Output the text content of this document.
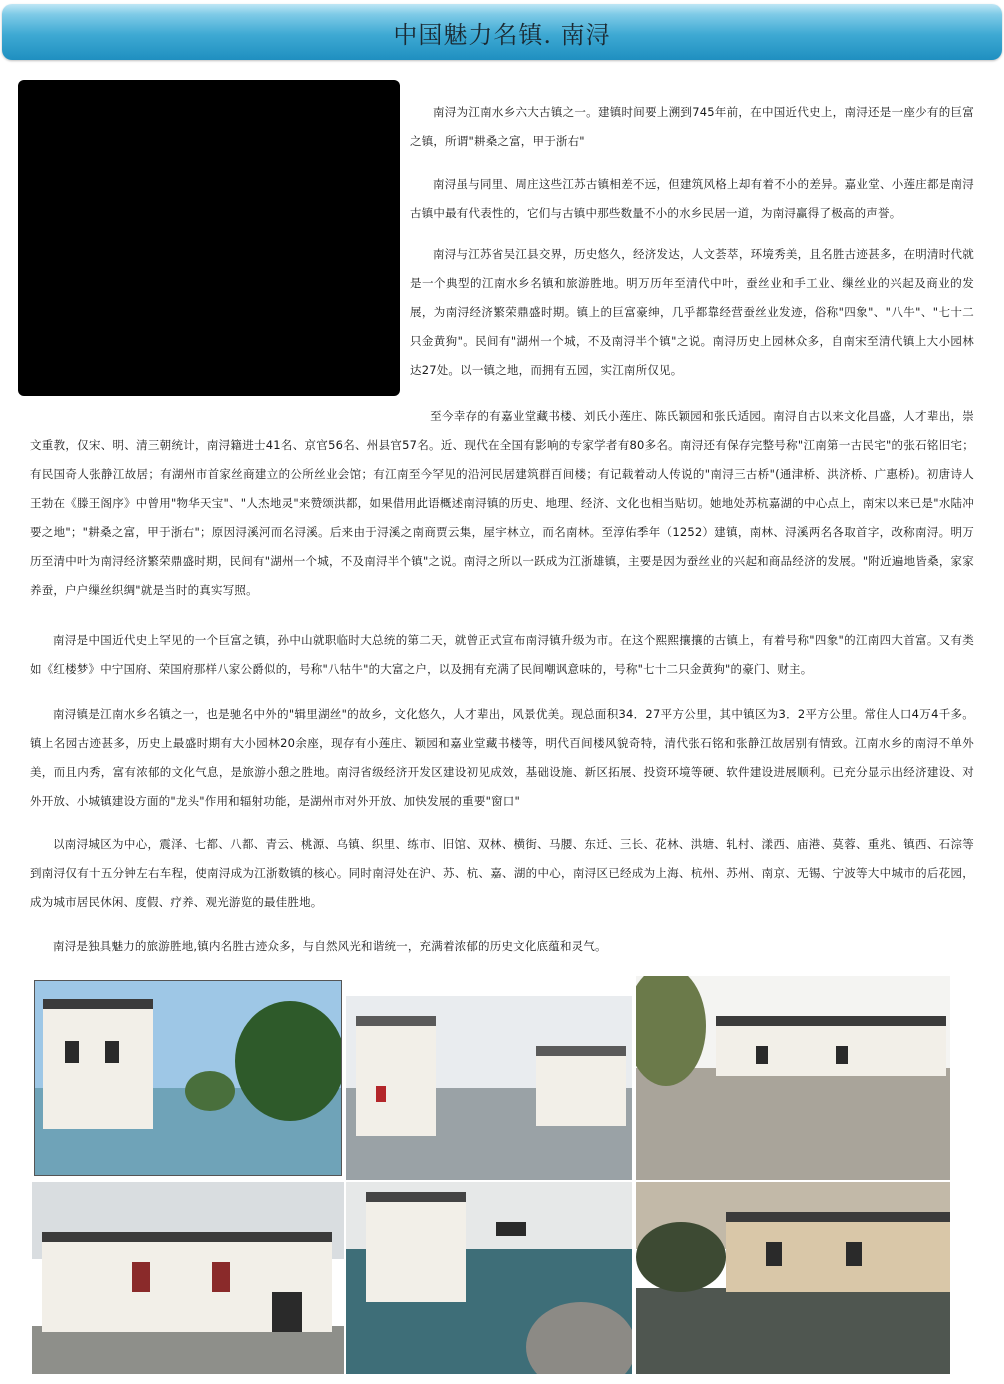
中国魅力名镇. 南浔

南浔为江南水乡六大古镇之一。建镇时间要上溯到745年前，在中国近代史上，南浔还是一座少有的巨富之镇，所谓"耕桑之富，甲于浙右"

南浔虽与同里、周庄这些江苏古镇相差不远，但建筑风格上却有着不小的差异。嘉业堂、小莲庄都是南浔古镇中最有代表性的，它们与古镇中那些数量不小的水乡民居一道，为南浔赢得了极高的声誉。

南浔与江苏省吴江县交界，历史悠久，经济发达，人文荟萃，环境秀美，且名胜古迹甚多，在明清时代就是一个典型的江南水乡名镇和旅游胜地。明万历年至清代中叶，蚕丝业和手工业、缫丝业的兴起及商业的发展，为南浔经济繁荣鼎盛时期。镇上的巨富豪绅，几乎都靠经营蚕丝业发迹，俗称"四象"、"八牛"、"七十二只金黄狗"。民间有"湖州一个城，不及南浔半个镇"之说。南浔历史上园林众多，自南宋至清代镇上大小园林达27处。以一镇之地，而拥有五园，实江南所仅见。

至今幸存的有嘉业堂藏书楼、刘氏小莲庄、陈氏颖园和张氏适园。南浔自古以来文化昌盛，人才辈出，崇文重教，仅宋、明、清三朝统计，南浔籍进士41名、京官56名、州县官57名。近、现代在全国有影响的专家学者有80多名。南浔还有保存完整号称"江南第一古民宅"的张石铭旧宅；有民国奇人张静江故居；有湖州市首家丝商建立的公所丝业会馆；有江南至今罕见的沿河民居建筑群百间楼；有记载着动人传说的"南浔三古桥"(通津桥、洪济桥、广惠桥)。初唐诗人王勃在《滕王阁序》中曾用"物华天宝"、"人杰地灵"来赞颂洪都，如果借用此语概述南浔镇的历史、地理、经济、文化也相当贴切。她地处苏杭嘉湖的中心点上，南宋以来已是"水陆冲要之地"；"耕桑之富，甲于浙右"；原因浔溪河而名浔溪。后来由于浔溪之南商贾云集，屋宇林立，而名南林。至淳佑季年（1252）建镇，南林、浔溪两名各取首字，改称南浔。明万历至清中叶为南浔经济繁荣鼎盛时期，民间有"湖州一个城，不及南浔半个镇"之说。南浔之所以一跃成为江浙雄镇，主要是因为蚕丝业的兴起和商品经济的发展。"附近遍地皆桑，家家养蚕，户户缫丝织绸"就是当时的真实写照。

南浔是中国近代史上罕见的一个巨富之镇，孙中山就职临时大总统的第二天，就曾正式宣布南浔镇升级为市。在这个熙熙攘攘的古镇上，有着号称"四象"的江南四大首富。又有类如《红楼梦》中宁国府、荣国府那样八家公爵似的，号称"八牯牛"的大富之户，以及拥有充满了民间嘲讽意味的，号称"七十二只金黄狗"的豪门、财主。

南浔镇是江南水乡名镇之一，也是驰名中外的"辑里湖丝"的故乡，文化悠久，人才辈出，风景优美。现总面积34．27平方公里，其中镇区为3．2平方公里。常住人口4万4千多。镇上名园古迹甚多，历史上最盛时期有大小园林20余座，现存有小莲庄、颖园和嘉业堂藏书楼等，明代百间楼风貌奇特，清代张石铭和张静江故居别有情致。江南水乡的南浔不单外美，而且内秀，富有浓郁的文化气息，是旅游小憩之胜地。南浔省级经济开发区建设初见成效，基础设施、新区拓展、投资环境等硬、软件建设进展顺利。已充分显示出经济建设、对外开放、小城镇建设方面的"龙头"作用和辐射功能，是湖州市对外开放、加快发展的重要"窗口"

以南浔城区为中心，震泽、七都、八都、青云、桃源、乌镇、织里、练市、旧馆、双林、横街、马腰、东迁、三长、花林、洪塘、轧村、漾西、庙港、莫蓉、重兆、镇西、石淙等到南浔仅有十五分钟左右车程，使南浔成为江浙数镇的核心。同时南浔处在沪、苏、杭、嘉、湖的中心，南浔区已经成为上海、杭州、苏州、南京、无锡、宁波等大中城市的后花园，成为城市居民休闲、度假、疗养、观光游览的最佳胜地。

南浔是独具魅力的旅游胜地,镇内名胜古迹众多，与自然风光和谐统一，充满着浓郁的历史文化底蕴和灵气。
